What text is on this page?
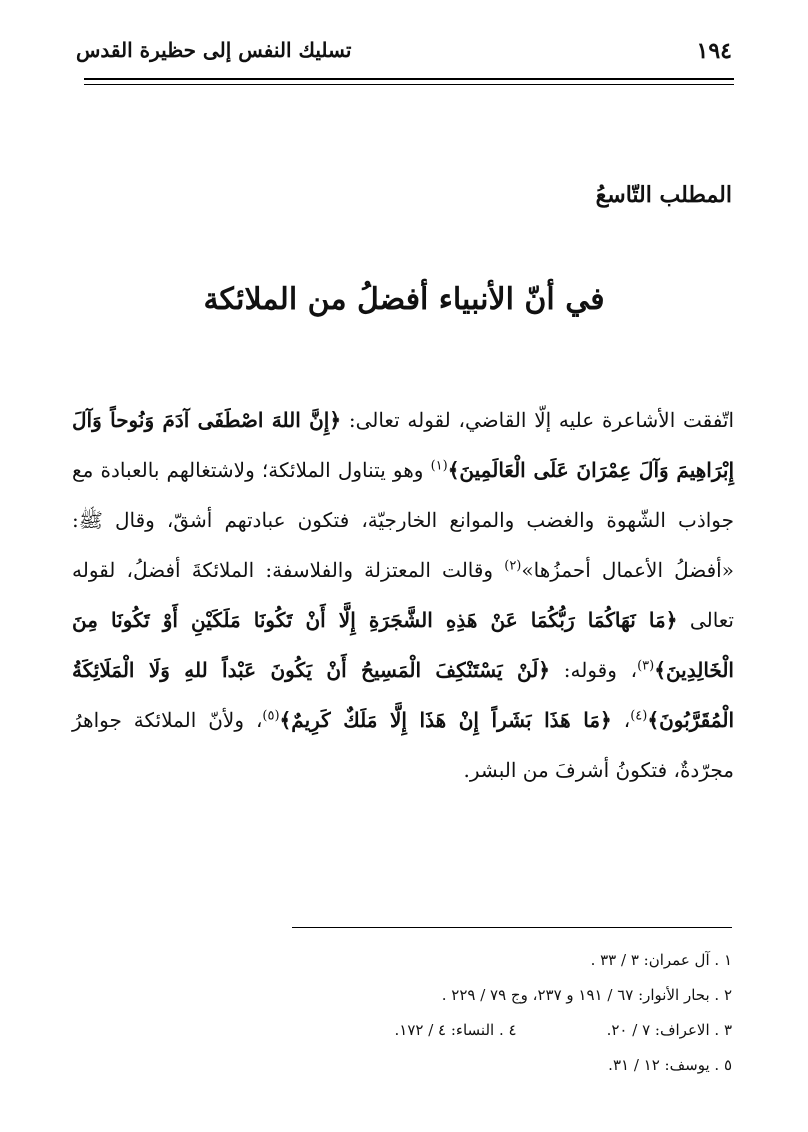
١٩٤
تسليك النفس إلى حظيرة القدس
المطلب التّاسعُ
في أنّ الأنبياء أفضلُ من الملائكة

اتّفقت الأشاعرة عليه إلّا القاضي، لقوله تعالى: ﴿إِنَّ اللهَ اصْطَفَى آدَمَ وَنُوحاً وَآلَ إِبْرَاهِيمَ وَآلَ عِمْرَانَ عَلَى الْعَالَمِينَ﴾$^{(١)}$ وهو يتناول الملائكة؛ ولاشتغالهم بالعبادة مع جواذب الشّهوة والغضب والموانع الخارجيّة، فتكون عبادتهم أشقّ، وقال ﷺ: «أفضلُ الأعمال أحمزُها»$^{(٢)}$ وقالت المعتزلة والفلاسفة: الملائكةَ أفضلُ، لقوله تعالى ﴿مَا نَهَاكُمَا رَبُّكُمَا عَنْ هَذِهِ الشَّجَرَةِ إِلَّا أَنْ تَكُونَا مَلَكَيْنِ أَوْ تَكُونَا مِنَ الْخَالِدِينَ﴾$^{(٣)}$، وقوله: ﴿لَنْ يَسْتَنْكِفَ الْمَسِيحُ أَنْ يَكُونَ عَبْداً للهِ وَلَا الْمَلَائِكَةُ الْمُقَرَّبُونَ﴾$^{(٤)}$، ﴿مَا هَذَا بَشَراً إِنْ هَذَا إِلَّا مَلَكٌ كَرِيمٌ﴾$^{(٥)}$، ولأنّ الملائكة جواهرُ مجرّدةٌ، فتكونُ أشرفَ من البشر.

١ . آل عمران: ٣ / ٣٣ .
٢ . بحار الأنوار: ٦٧ / ١٩١ و ٢٣٧، وج ٧٩ / ٢٢٩ .
٣ . الاعراف: ٧ / ٢٠.٤ . النساء: ٤ / ١٧٢.
٥ . يوسف: ١٢ / ٣١.
